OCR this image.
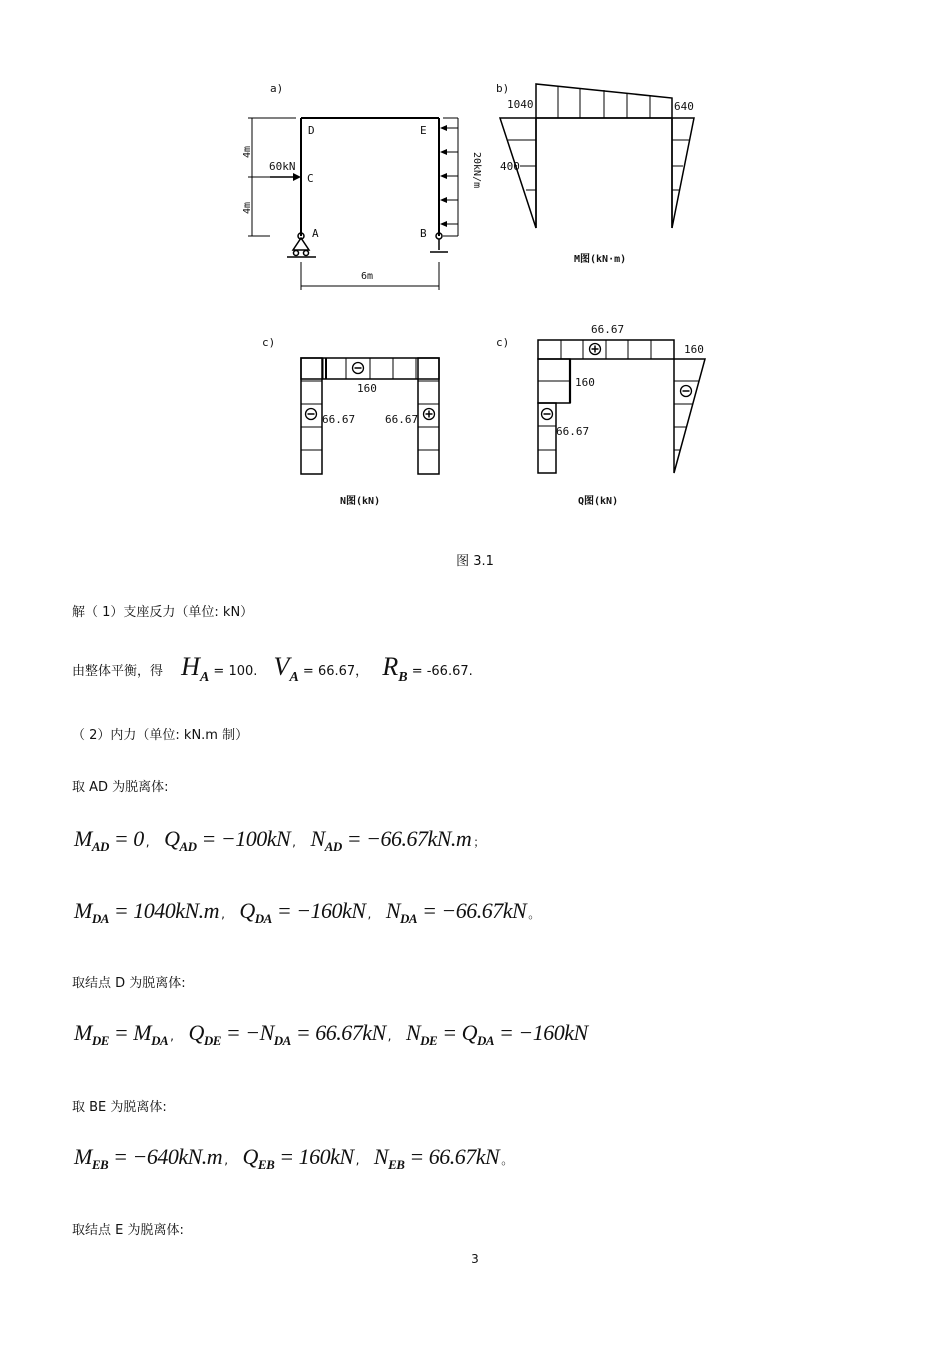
a)
D	E
C
A	B
4m
4m
60kN	20kN/m
6m
b)
1040	640
400
M图(kN·m)
c)
160
66.67	66.67
N图(kN)
c)
66.67
160
160
66.67
Q图(kN)
图 3.1
解（ 1）支座反力（单位: kN）
由整体平衡，得 $H_A = 100$. $V_A = 66.67$， $R_B = -66.67$.
（ 2）内力（单位: kN.m 制）
取 AD 为脱离体:
$M_{AD} = 0$ , $Q_{AD} = -100kN$ , $N_{AD} = -66.67kN.m$ ；
$M_{DA} = 1040kN.m$ , $Q_{DA} = -160kN$ , $N_{DA} = -66.67kN$ 。
取结点 D 为脱离体:
$M_{DE} = M_{DA}$ , $Q_{DE} = -N_{DA} = 66.67kN$ , $N_{DE} = Q_{DA} = -160kN$
取 BE 为脱离体:
$M_{EB} = -640kN.m$ , $Q_{EB} = 160kN$ , $N_{EB} = 66.67kN$ 。
取结点 E 为脱离体:
3
